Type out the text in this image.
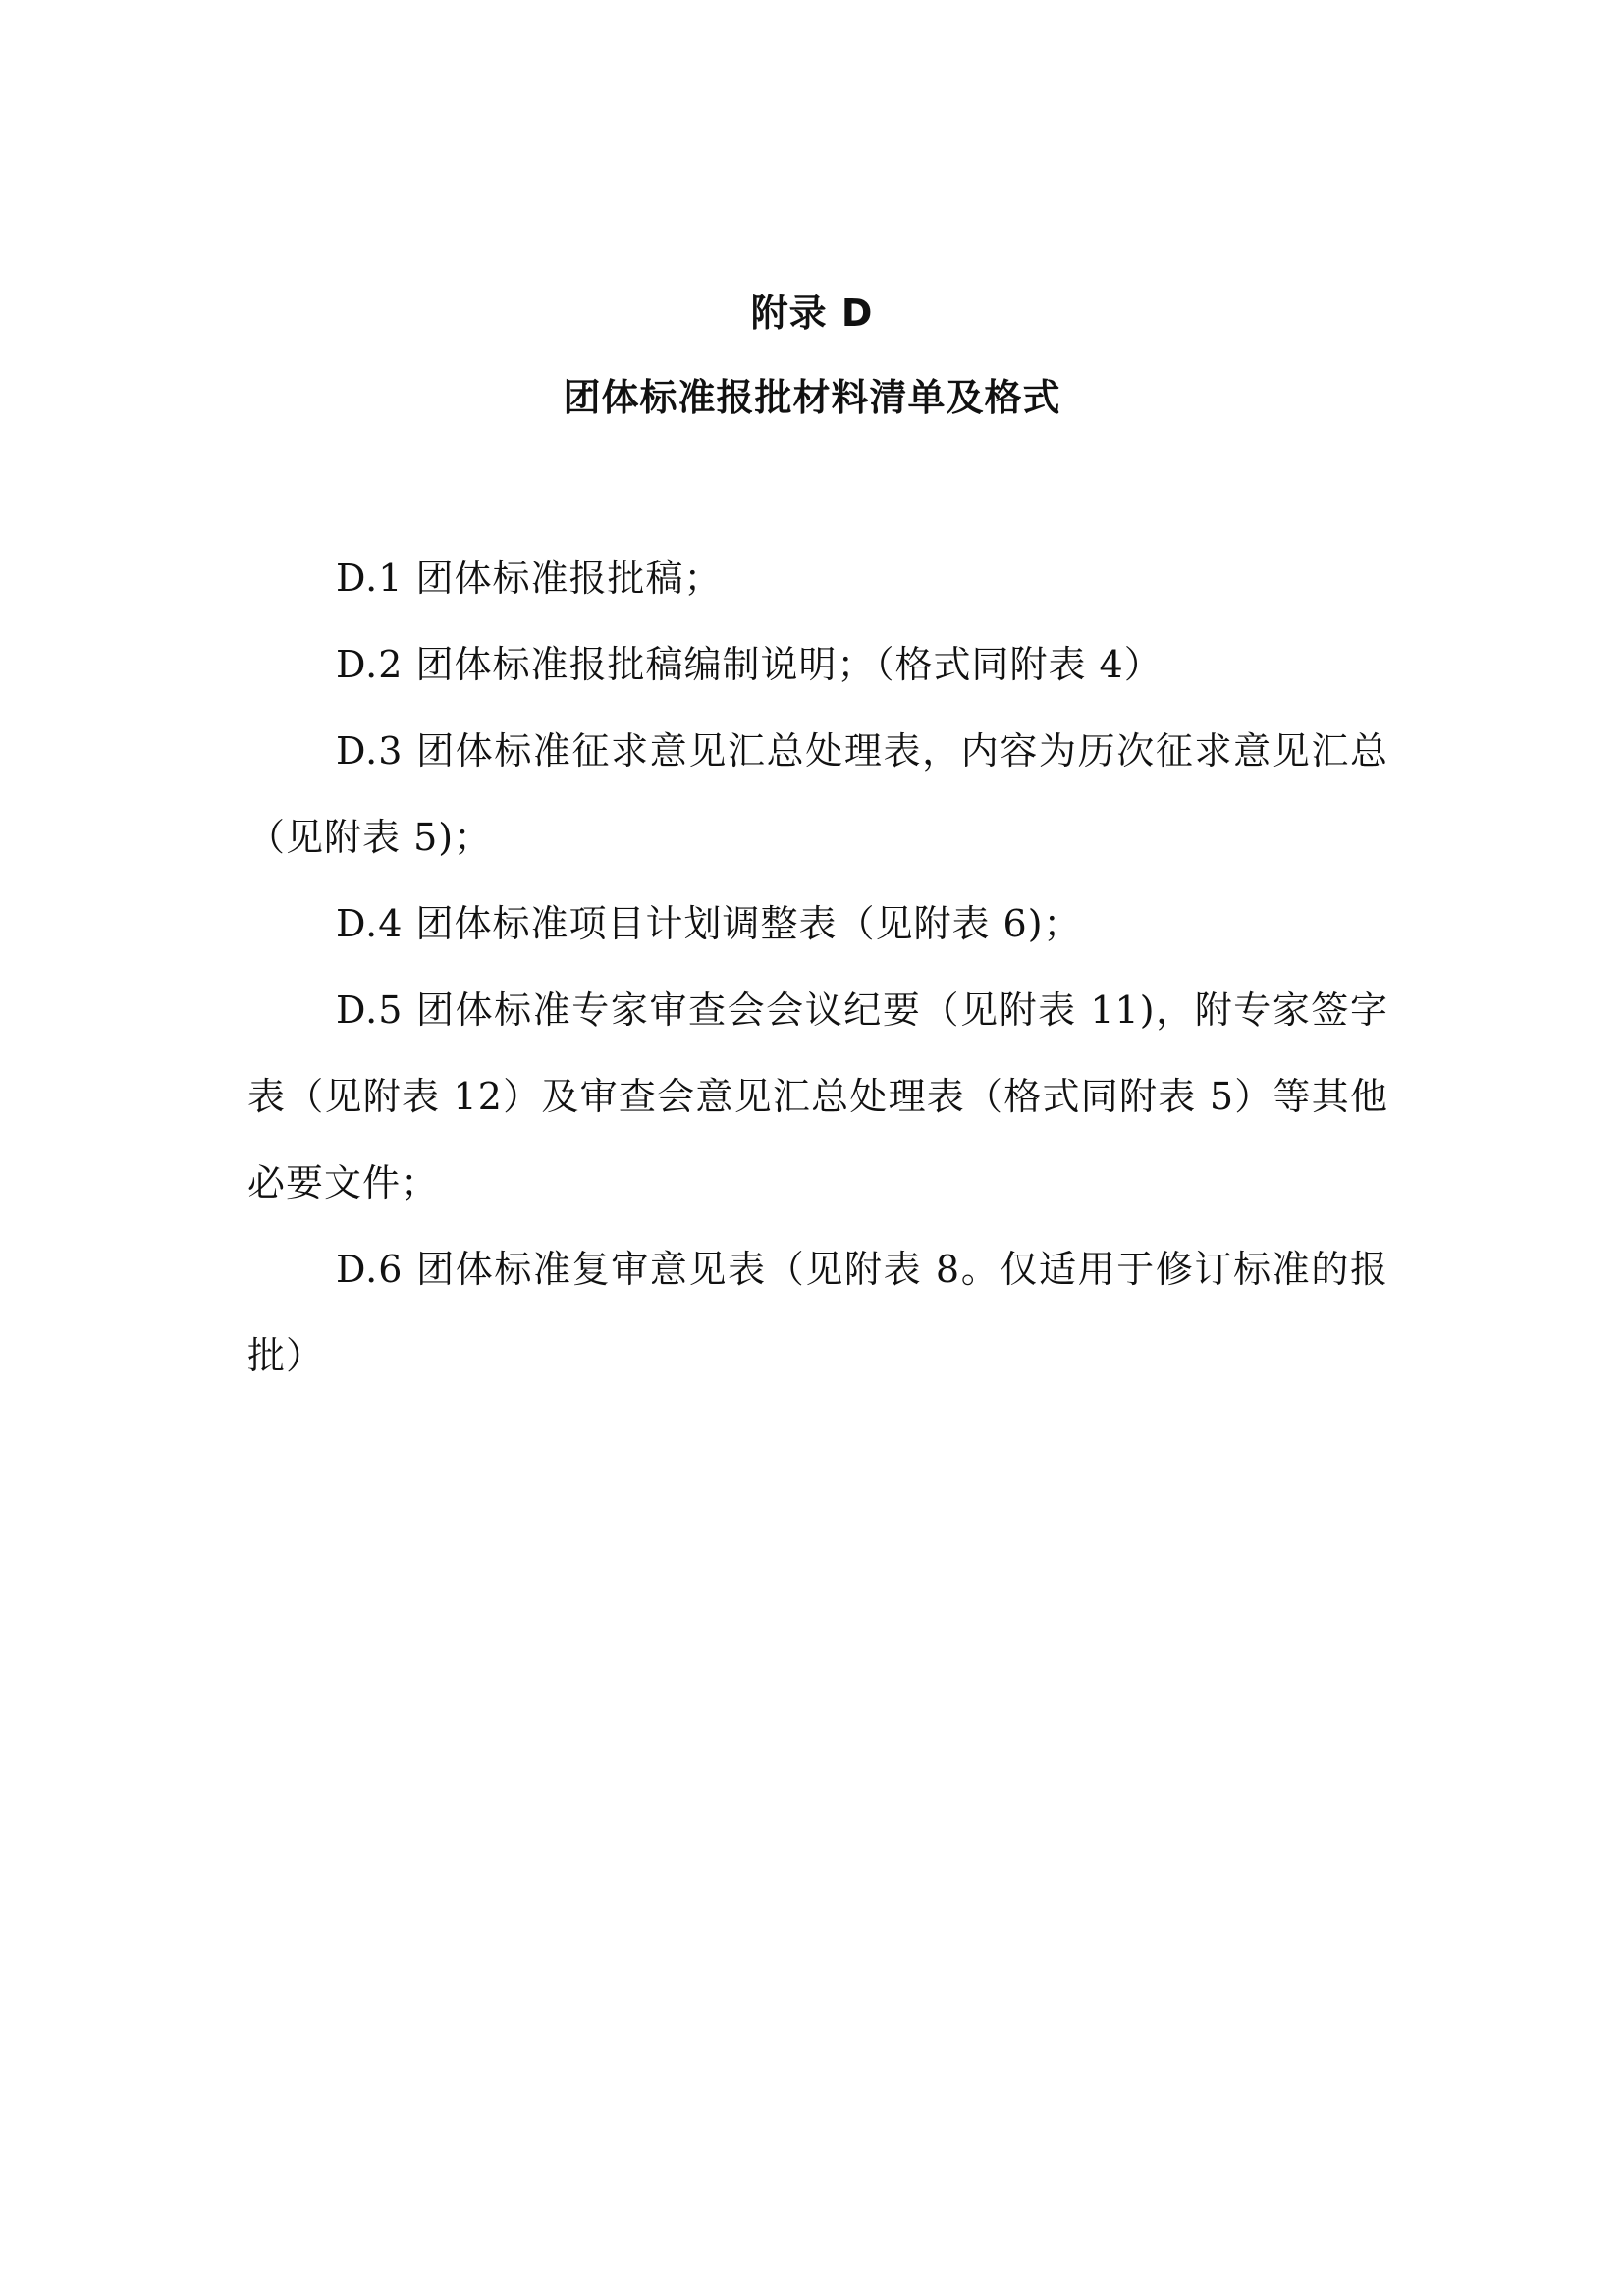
附录 D
团体标准报批材料清单及格式
D.1 团体标准报批稿；
D.2 团体标准报批稿编制说明；（格式同附表 4）
D.3 团体标准征求意见汇总处理表，内容为历次征求意见汇总（见附表 5)；
D.4 团体标准项目计划调整表（见附表 6)；
D.5 团体标准专家审查会会议纪要（见附表 11)，附专家签字表（见附表 12）及审查会意见汇总处理表（格式同附表 5）等其他必要文件；
D.6 团体标准复审意见表（见附表 8。仅适用于修订标准的报批）
